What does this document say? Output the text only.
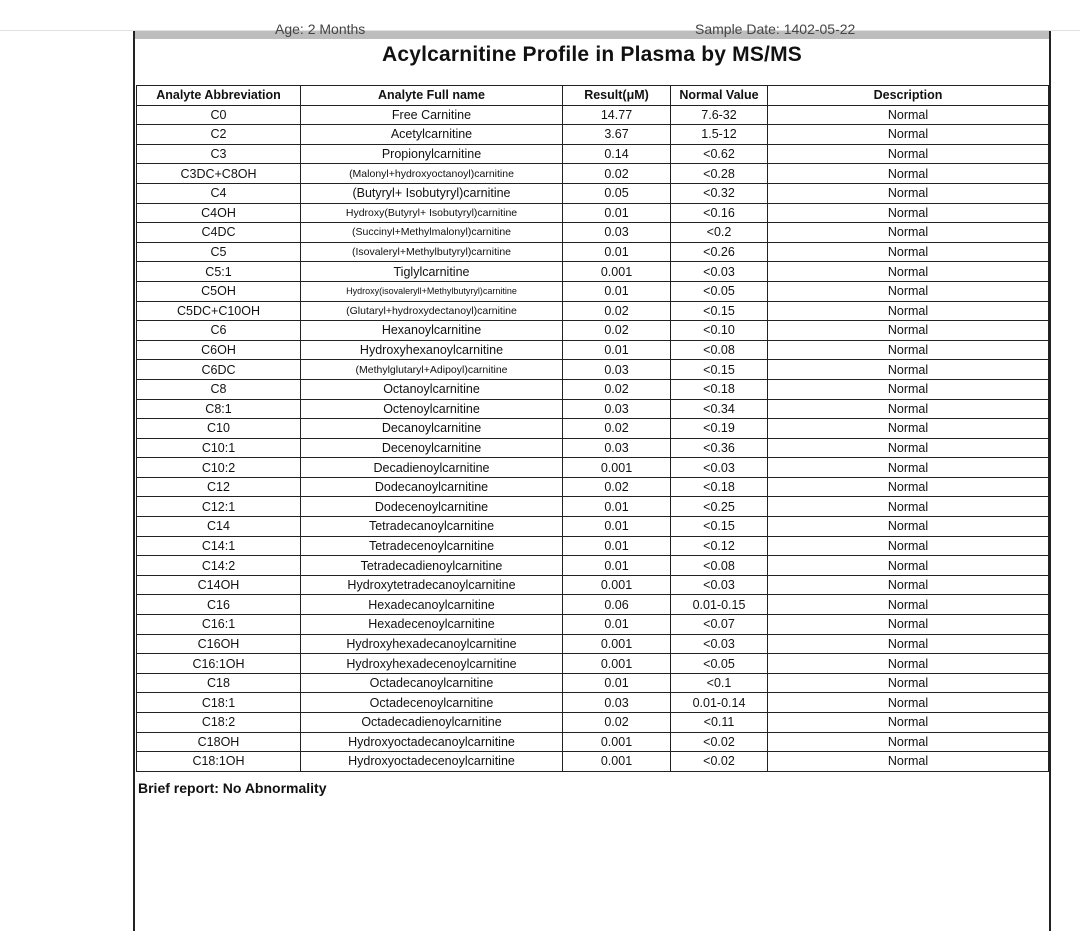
Age: 2 Months	Sample Date: 1402-05-22
Acylcarnitine Profile in Plasma by MS/MS
Analyte Abbreviation	Analyte Full name	Result(μM)	Normal Value	Description
C0	Free Carnitine	14.77	7.6-32	Normal
C2	Acetylcarnitine	3.67	1.5-12	Normal
C3	Propionylcarnitine	0.14	<0.62	Normal
C3DC+C8OH	(Malonyl+hydroxyoctanoyl)carnitine	0.02	<0.28	Normal
C4	(Butyryl+ Isobutyryl)carnitine	0.05	<0.32	Normal
C4OH	Hydroxy(Butyryl+ Isobutyryl)carnitine	0.01	<0.16	Normal
C4DC	(Succinyl+Methylmalonyl)carnitine	0.03	<0.2	Normal
C5	(Isovaleryl+Methylbutyryl)carnitine	0.01	<0.26	Normal
C5:1	Tiglylcarnitine	0.001	<0.03	Normal
C5OH	Hydroxy(isovaleryll+Methylbutyryl)carnitine	0.01	<0.05	Normal
C5DC+C10OH	(Glutaryl+hydroxydectanoyl)carnitine	0.02	<0.15	Normal
C6	Hexanoylcarnitine	0.02	<0.10	Normal
C6OH	Hydroxyhexanoylcarnitine	0.01	<0.08	Normal
C6DC	(Methylglutaryl+Adipoyl)carnitine	0.03	<0.15	Normal
C8	Octanoylcarnitine	0.02	<0.18	Normal
C8:1	Octenoylcarnitine	0.03	<0.34	Normal
C10	Decanoylcarnitine	0.02	<0.19	Normal
C10:1	Decenoylcarnitine	0.03	<0.36	Normal
C10:2	Decadienoylcarnitine	0.001	<0.03	Normal
C12	Dodecanoylcarnitine	0.02	<0.18	Normal
C12:1	Dodecenoylcarnitine	0.01	<0.25	Normal
C14	Tetradecanoylcarnitine	0.01	<0.15	Normal
C14:1	Tetradecenoylcarnitine	0.01	<0.12	Normal
C14:2	Tetradecadienoylcarnitine	0.01	<0.08	Normal
C14OH	Hydroxytetradecanoylcarnitine	0.001	<0.03	Normal
C16	Hexadecanoylcarnitine	0.06	0.01-0.15	Normal
C16:1	Hexadecenoylcarnitine	0.01	<0.07	Normal
C16OH	Hydroxyhexadecanoylcarnitine	0.001	<0.03	Normal
C16:1OH	Hydroxyhexadecenoylcarnitine	0.001	<0.05	Normal
C18	Octadecanoylcarnitine	0.01	<0.1	Normal
C18:1	Octadecenoylcarnitine	0.03	0.01-0.14	Normal
C18:2	Octadecadienoylcarnitine	0.02	<0.11	Normal
C18OH	Hydroxyoctadecanoylcarnitine	0.001	<0.02	Normal
C18:1OH	Hydroxyoctadecenoylcarnitine	0.001	<0.02	Normal
Brief report: No Abnormality
